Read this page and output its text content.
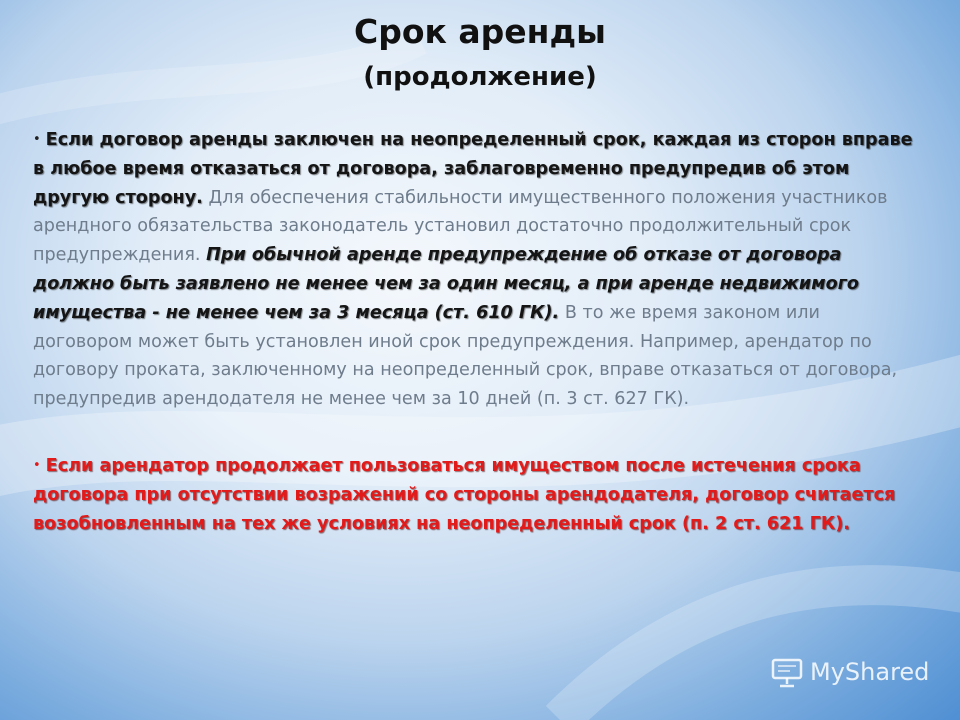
Срок аренды
(продолжение)

• Если договор аренды заключен на неопределенный срок, каждая из сторон вправе в любое время отказаться от договора, заблаговременно предупредив об этом другую сторону. Для обеспечения стабильности имущественного положения участников арендного обязательства законодатель установил достаточно продолжительный срок предупреждения. При обычной аренде предупреждение об отказе от договора должно быть заявлено не менее чем за один месяц, а при аренде недвижимого имущества - не менее чем за 3 месяца (ст. 610 ГК). В то же время законом или договором может быть установлен иной срок предупреждения. Например, арендатор по договору проката, заключенному на неопределенный срок, вправе отказаться от договора, предупредив арендодателя не менее чем за 10 дней (п. 3 ст. 627 ГК).

• Если арендатор продолжает пользоваться имуществом после истечения срока договора при отсутствии возражений со стороны арендодателя, договор считается возобновленным на тех же условиях на неопределенный срок (п. 2 ст. 621 ГК).

MyShared
